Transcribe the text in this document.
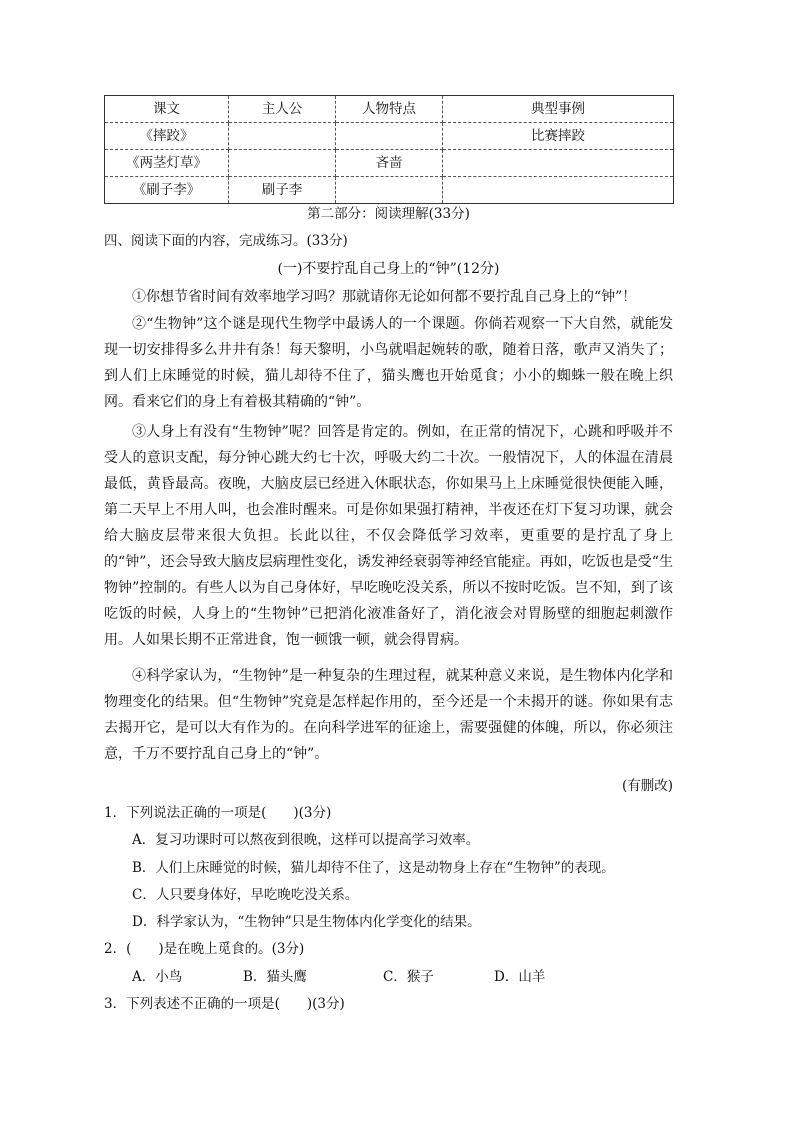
课文	主人公	人物特点	典型事例
《摔跤》			比赛摔跤
《两茎灯草》		吝啬	
《刷子李》	刷子李		
第二部分：阅读理解(33分)
四、阅读下面的内容，完成练习。(33分)
(一)不要拧乱自己身上的“钟”(12分)
①你想节省时间有效率地学习吗？那就请你无论如何都不要拧乱自己身上的“钟”！
②“生物钟”这个谜是现代生物学中最诱人的一个课题。你倘若观察一下大自然，就能发现一切安排得多么井井有条！每天黎明，小鸟就唱起婉转的歌，随着日落，歌声又消失了；到人们上床睡觉的时候，猫儿却待不住了，猫头鹰也开始觅食；小小的蜘蛛一般在晚上织网。看来它们的身上有着极其精确的“钟”。
③人身上有没有“生物钟”呢？回答是肯定的。例如，在正常的情况下，心跳和呼吸并不受人的意识支配，每分钟心跳大约七十次，呼吸大约二十次。一般情况下，人的体温在清晨最低，黄昏最高。夜晚，大脑皮层已经进入休眠状态，你如果马上上床睡觉很快便能入睡，第二天早上不用人叫，也会准时醒来。可是你如果强打精神，半夜还在灯下复习功课，就会给大脑皮层带来很大负担。长此以往，不仅会降低学习效率，更重要的是拧乱了身上的“钟”，还会导致大脑皮层病理性变化，诱发神经衰弱等神经官能症。再如，吃饭也是受“生物钟”控制的。有些人以为自己身体好，早吃晚吃没关系，所以不按时吃饭。岂不知，到了该吃饭的时候，人身上的“生物钟”已把消化液准备好了，消化液会对胃肠壁的细胞起刺激作用。人如果长期不正常进食，饱一顿饿一顿，就会得胃病。
④科学家认为，“生物钟”是一种复杂的生理过程，就某种意义来说，是生物体内化学和物理变化的结果。但“生物钟”究竟是怎样起作用的，至今还是一个未揭开的谜。你如果有志去揭开它，是可以大有作为的。在向科学进军的征途上，需要强健的体魄，所以，你必须注意，千万不要拧乱自己身上的“钟”。
(有删改)
1．下列说法正确的一项是(　　)(3分)
A．复习功课时可以熬夜到很晚，这样可以提高学习效率。
B．人们上床睡觉的时候，猫儿却待不住了，这是动物身上存在“生物钟”的表现。
C．人只要身体好，早吃晚吃没关系。
D．科学家认为，“生物钟”只是生物体内化学变化的结果。
2．(　　)是在晚上觅食的。(3分)
A．小鸟	B．猫头鹰	C．猴子	D．山羊
3．下列表述不正确的一项是(　　)(3分)
